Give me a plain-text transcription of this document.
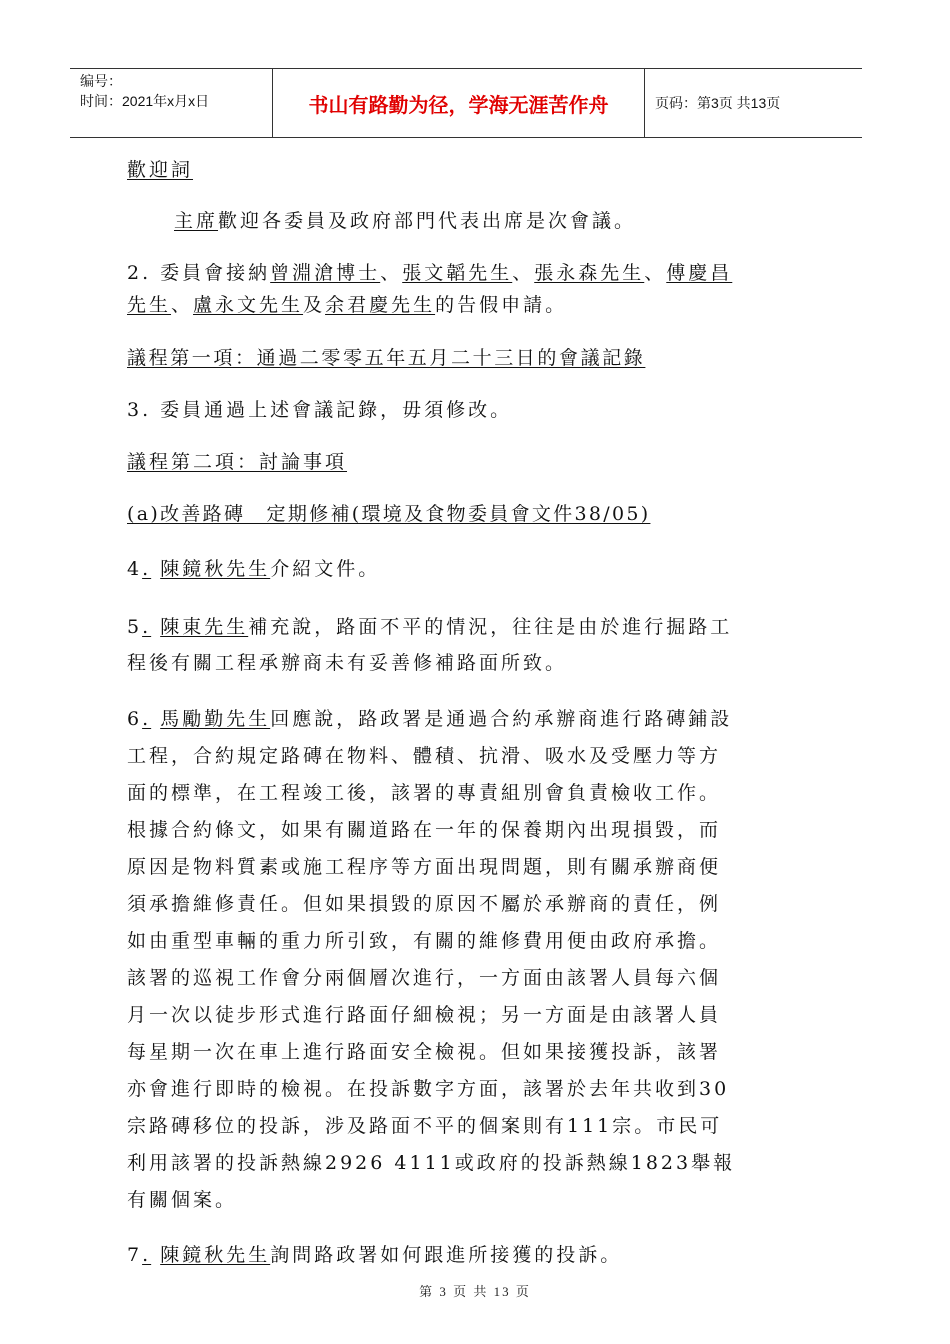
编号：
时间：2021年x月x日	书山有路勤为径，学海无涯苦作舟	页码：第3页 共13页
歡迎詞
主席歡迎各委員及政府部門代表出席是次會議。
2. 委員會接納曾淵滄博士、張文韜先生、張永森先生、傅慶昌
先生、盧永文先生及余君慶先生的告假申請。
議程第一項：通過二零零五年五月二十三日的會議記錄
3. 委員通過上述會議記錄，毋須修改。
議程第二項：討論事項
(a)改善路磚　定期修補(環境及食物委員會文件38/05)
4. 陳鏡秋先生介紹文件。
5. 陳東先生補充說，路面不平的情況，往往是由於進行掘路工
程後有關工程承辦商未有妥善修補路面所致。
6. 馬勵勤先生回應說，路政署是通過合約承辦商進行路磚鋪設
工程，合約規定路磚在物料、體積、抗滑、吸水及受壓力等方
面的標準，在工程竣工後，該署的專責組別會負責檢收工作。
根據合約條文，如果有關道路在一年的保養期內出現損毀，而
原因是物料質素或施工程序等方面出現問題，則有關承辦商便
須承擔維修責任。但如果損毀的原因不屬於承辦商的責任，例
如由重型車輛的重力所引致，有關的維修費用便由政府承擔。
該署的巡視工作會分兩個層次進行，一方面由該署人員每六個
月一次以徒步形式進行路面仔細檢視；另一方面是由該署人員
每星期一次在車上進行路面安全檢視。但如果接獲投訴，該署
亦會進行即時的檢視。在投訴數字方面，該署於去年共收到30
宗路磚移位的投訴，涉及路面不平的個案則有111宗。市民可
利用該署的投訴熱線2926 4111或政府的投訴熱線1823舉報
有關個案。
7. 陳鏡秋先生詢問路政署如何跟進所接獲的投訴。
第 3 页 共 13 页
